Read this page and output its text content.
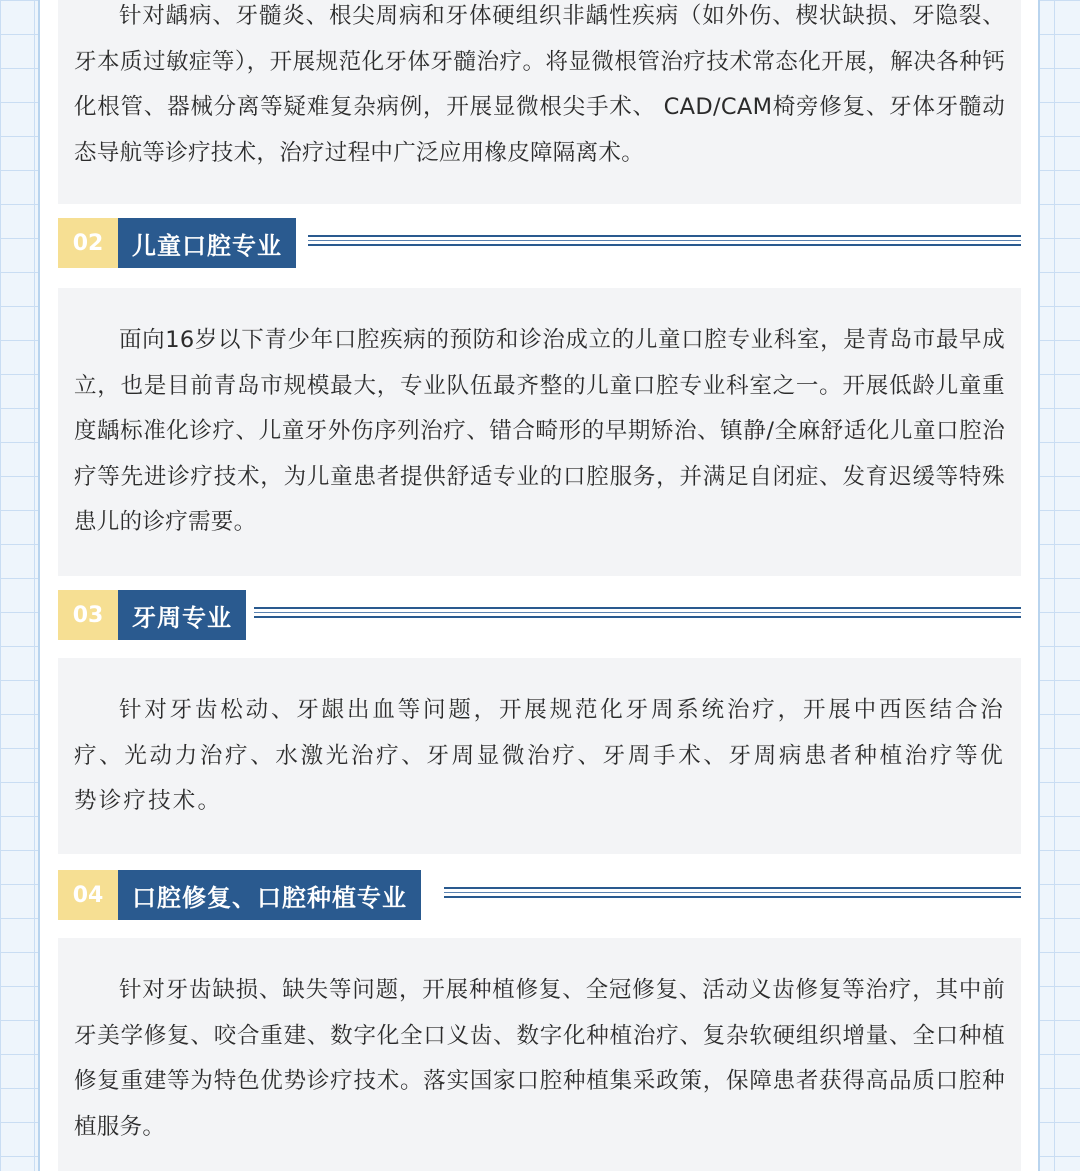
针对龋病、牙髓炎、根尖周病和牙体硬组织非龋性疾病（如外伤、楔状缺损、牙隐裂、牙本质过敏症等），开展规范化牙体牙髓治疗。将显微根管治疗技术常态化开展，解决各种钙化根管、器械分离等疑难复杂病例，开展显微根尖手术、 CAD/CAM椅旁修复、牙体牙髓动态导航等诊疗技术，治疗过程中广泛应用橡皮障隔离术。

02	儿童口腔专业

面向16岁以下青少年口腔疾病的预防和诊治成立的儿童口腔专业科室，是青岛市最早成立，也是目前青岛市规模最大，专业队伍最齐整的儿童口腔专业科室之一。开展低龄儿童重度龋标准化诊疗、儿童牙外伤序列治疗、错合畸形的早期矫治、镇静/全麻舒适化儿童口腔治疗等先进诊疗技术，为儿童患者提供舒适专业的口腔服务，并满足自闭症、发育迟缓等特殊患儿的诊疗需要。

03	牙周专业

针对牙齿松动、牙龈出血等问题，开展规范化牙周系统治疗，开展中西医结合治疗、光动力治疗、水激光治疗、牙周显微治疗、牙周手术、牙周病患者种植治疗等优势诊疗技术。

04	口腔修复、口腔种植专业

针对牙齿缺损、缺失等问题，开展种植修复、全冠修复、活动义齿修复等治疗，其中前牙美学修复、咬合重建、数字化全口义齿、数字化种植治疗、复杂软硬组织增量、全口种植修复重建等为特色优势诊疗技术。落实国家口腔种植集采政策，保障患者获得高品质口腔种植服务。
